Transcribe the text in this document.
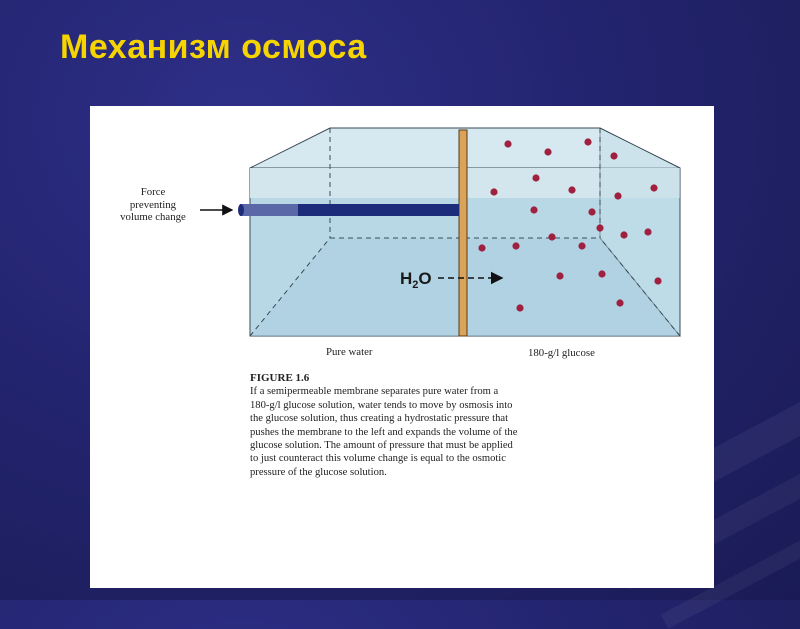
Механизм осмоса
$H_2O$
Force
preventing
volume change
Pure water	180-g/l glucose
FIGURE 1.6
If a semipermeable membrane separates pure water from a
180-g/l glucose solution, water tends to move by osmosis into
the glucose solution, thus creating a hydrostatic pressure that
pushes the membrane to the left and expands the volume of the
glucose solution. The amount of pressure that must be applied
to just counteract this volume change is equal to the osmotic
pressure of the glucose solution.
